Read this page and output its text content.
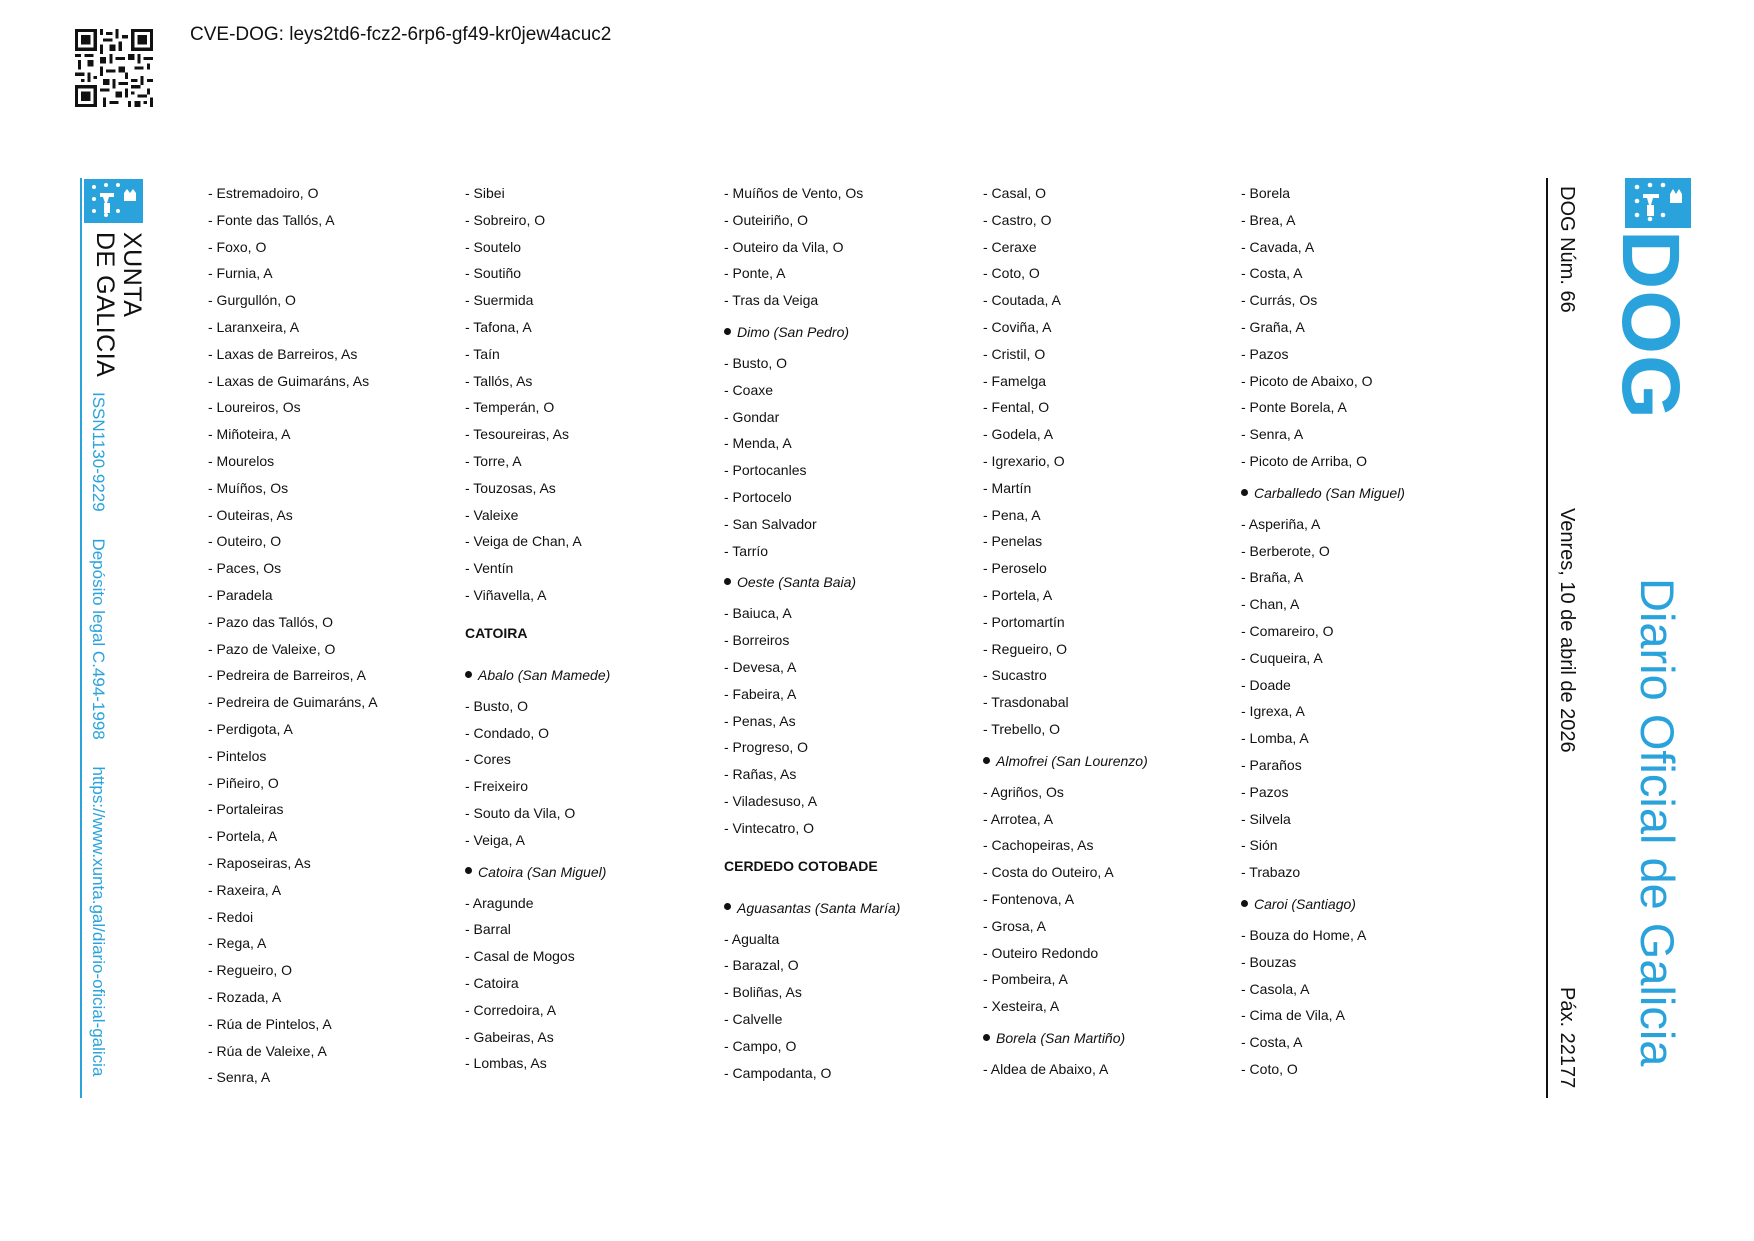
CVE-DOG: leys2td6-fcz2-6rp6-gf49-kr0jew4acuc2
XUNTA
DE GALICIA
ISSN1130-9229 Depósito legal C.494-1998 https://www.xunta.gal/diario-oficial-galicia
DOG
Diario Oficial de Galicia
DOG Núm. 66
Venres, 10 de abril de 2026
Páx. 22177
- Estremadoiro, O
- Fonte das Tallós, A
- Foxo, O
- Furnia, A
- Gurgullón, O
- Laranxeira, A
- Laxas de Barreiros, As
- Laxas de Guimaráns, As
- Loureiros, Os
- Miñoteira, A
- Mourelos
- Muíños, Os
- Outeiras, As
- Outeiro, O
- Paces, Os
- Paradela
- Pazo das Tallós, O
- Pazo de Valeixe, O
- Pedreira de Barreiros, A
- Pedreira de Guimaráns, A
- Perdigota, A
- Pintelos
- Piñeiro, O
- Portaleiras
- Portela, A
- Raposeiras, As
- Raxeira, A
- Redoi
- Rega, A
- Regueiro, O
- Rozada, A
- Rúa de Pintelos, A
- Rúa de Valeixe, A
- Senra, A
- Sibei
- Sobreiro, O
- Soutelo
- Soutiño
- Suermida
- Tafona, A
- Taín
- Tallós, As
- Temperán, O
- Tesoureiras, As
- Torre, A
- Touzosas, As
- Valeixe
- Veiga de Chan, A
- Ventín
- Viñavella, A
CATOIRA
Abalo (San Mamede)
- Busto, O
- Condado, O
- Cores
- Freixeiro
- Souto da Vila, O
- Veiga, A
Catoira (San Miguel)
- Aragunde
- Barral
- Casal de Mogos
- Catoira
- Corredoira, A
- Gabeiras, As
- Lombas, As
- Muíños de Vento, Os
- Outeiriño, O
- Outeiro da Vila, O
- Ponte, A
- Tras da Veiga
Dimo (San Pedro)
- Busto, O
- Coaxe
- Gondar
- Menda, A
- Portocanles
- Portocelo
- San Salvador
- Tarrío
Oeste (Santa Baia)
- Baiuca, A
- Borreiros
- Devesa, A
- Fabeira, A
- Penas, As
- Progreso, O
- Rañas, As
- Viladesuso, A
- Vintecatro, O
CERDEDO COTOBADE
Aguasantas (Santa María)
- Agualta
- Barazal, O
- Boliñas, As
- Calvelle
- Campo, O
- Campodanta, O
- Casal, O
- Castro, O
- Ceraxe
- Coto, O
- Coutada, A
- Coviña, A
- Cristil, O
- Famelga
- Fental, O
- Godela, A
- Igrexario, O
- Martín
- Pena, A
- Penelas
- Peroselo
- Portela, A
- Portomartín
- Regueiro, O
- Sucastro
- Trasdonabal
- Trebello, O
Almofrei (San Lourenzo)
- Agriños, Os
- Arrotea, A
- Cachopeiras, As
- Costa do Outeiro, A
- Fontenova, A
- Grosa, A
- Outeiro Redondo
- Pombeira, A
- Xesteira, A
Borela (San Martiño)
- Aldea de Abaixo, A
- Borela
- Brea, A
- Cavada, A
- Costa, A
- Currás, Os
- Graña, A
- Pazos
- Picoto de Abaixo, O
- Ponte Borela, A
- Senra, A
- Picoto de Arriba, O
Carballedo (San Miguel)
- Asperiña, A
- Berberote, O
- Braña, A
- Chan, A
- Comareiro, O
- Cuqueira, A
- Doade
- Igrexa, A
- Lomba, A
- Paraños
- Pazos
- Silvela
- Sión
- Trabazo
Caroi (Santiago)
- Bouza do Home, A
- Bouzas
- Casola, A
- Cima de Vila, A
- Costa, A
- Coto, O
